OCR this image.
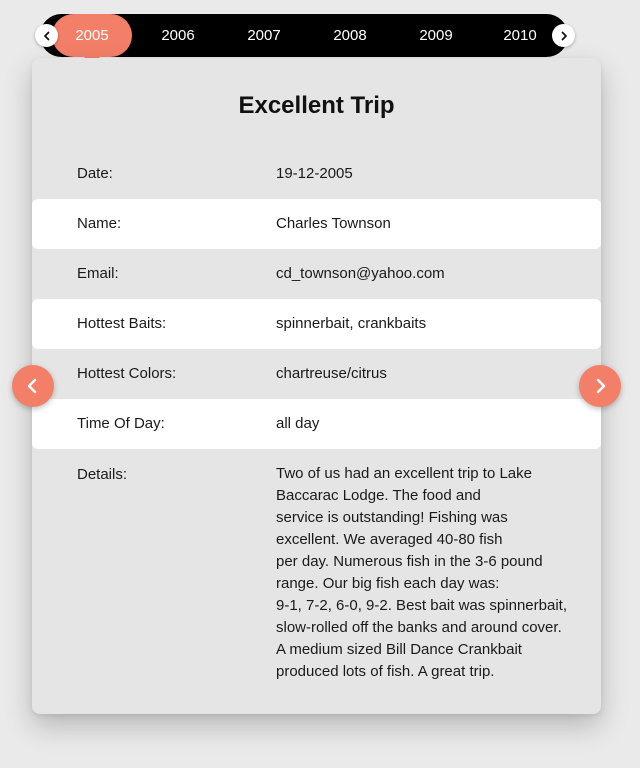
2005	2006	2007	2008	2009	2010
Excellent Trip
Date:	19-12-2005
Name:	Charles Townson
Email:	cd_townson@yahoo.com
Hottest Baits:	spinnerbait, crankbaits
Hottest Colors:	chartreuse/citrus
Time Of Day:	all day
Details:	Two of us had an excellent trip to Lake
Baccarac Lodge. The food and
service is outstanding! Fishing was
excellent. We averaged 40-80 fish
per day. Numerous fish in the 3-6 pound
range. Our big fish each day was:
9-1, 7-2, 6-0, 9-2. Best bait was spinnerbait,
slow-rolled off the banks and around cover.
A medium sized Bill Dance Crankbait
produced lots of fish. A great trip.
